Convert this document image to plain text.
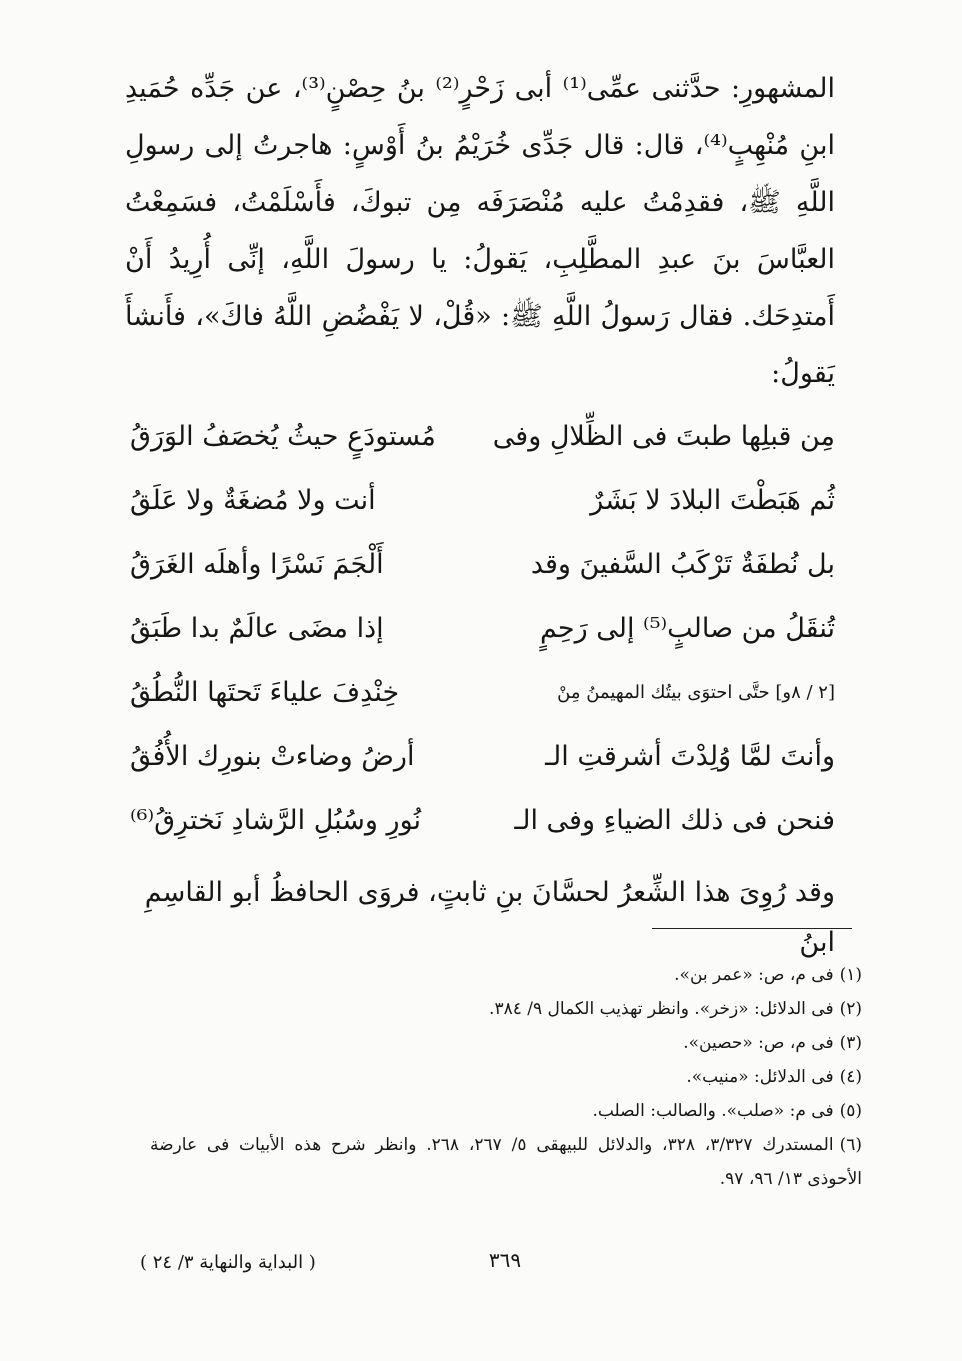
المشهورِ: حدَّثنى عمِّى⁽¹⁾ أبى زَحْرٍ⁽²⁾ بنُ حِصْنٍ⁽³⁾، عن جَدِّه حُمَيدِ ابنِ مُنْهِبٍ⁽⁴⁾، قال: قال جَدِّى خُرَيْمُ بنُ أَوْسٍ: هاجرتُ إلى رسولِ اللَّهِ ﷺ، فقدِمْتُ عليه مُنْصَرَفَه مِن تبوكَ، فأَسْلَمْتُ، فسَمِعْتُ العبَّاسَ بنَ عبدِ المطَّلِبِ، يَقولُ: يا رسولَ اللَّهِ، إنِّى أُرِيدُ أَنْ أَمتدِحَك. فقال رَسولُ اللَّهِ ﷺ: «قُلْ، لا يَفْضُضِ اللَّهُ فاكَ»، فأَنشأَ يَقولُ:

مِن قبلِها طبتَ فى الظِّلالِ وفى
مُستودَعٍ حيثُ يُخصَفُ الوَرَقُ
ثُم هَبَطْتَ البلادَ لا بَشَرٌ
أنت ولا مُضغَةٌ ولا عَلَقُ
بل نُطفَةٌ تَرْكَبُ السَّفينَ وقد
أَلْجَمَ نَسْرًا وأهلَه الغَرَقُ
تُنقَلُ من صالبٍ⁽⁵⁾ إلى رَحِمٍ
إذا مضَى عالَمٌ بدا طَبَقُ
[٢ / ٨و] حتَّى احتوَى بيتُك المهيمنُ مِنْ
خِنْدِفَ علياءَ تَحتَها النُّطُقُ
وأنتَ لمَّا وُلِدْتَ أشرقتِ الـ
أرضُ وضاءتْ بنورِك الأُفُقُ
فنحن فى ذلك الضياءِ وفى الـ
نُورِ وسُبُلِ الرَّشادِ نَخترِقُ⁽⁶⁾
وقد رُوِىَ هذا الشِّعرُ لحسَّانَ بنِ ثابتٍ، فروَى الحافظُ أبو القاسِمِ ابنُ

(١)فى م، ص: «عمر بن».

(٢)فى الدلائل: «زخر». وانظر تهذيب الكمال ٩/ ٣٨٤.

(٣)فى م، ص: «حصين».

(٤)فى الدلائل: «منيب».

(٥)فى م: «صلب». والصالب: الصلب.

(٦)المستدرك ٣/٣٢٧، ٣٢٨، والدلائل للبيهقى ٥/ ٢٦٧، ٢٦٨. وانظر شرح هذه الأبيات فى عارضة الأحوذى ١٣/ ٩٦، ٩٧.

٣٦٩
( البداية والنهاية ٣/ ٢٤ )
